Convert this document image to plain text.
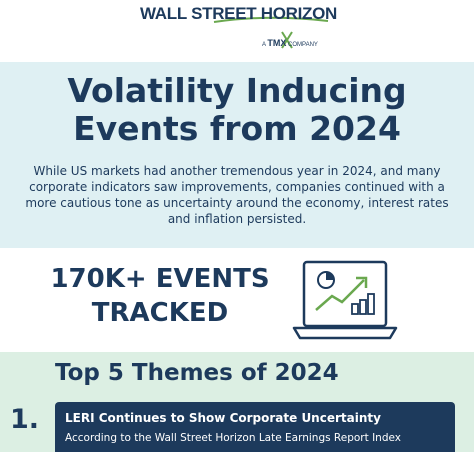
WALL STREET HORIZON
A TMX COMPANY
Volatility Inducing
Events from 2024
While US markets had another tremendous year in 2024, and many corporate indicators saw improvements, companies continued with a more cautious tone as uncertainty around the economy, interest rates and inflation persisted.
170K+ EVENTS
TRACKED
Top 5 Themes of 2024
1. LERI Continues to Show Corporate Uncertainty
According to the Wall Street Horizon Late Earnings Report Index
